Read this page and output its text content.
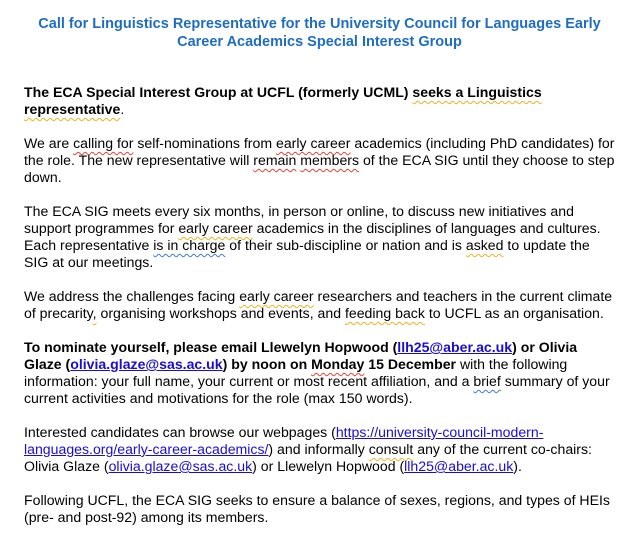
Call for Linguistics Representative for the University Council for Languages Early
Career Academics Special Interest Group

The ECA Special Interest Group at UCFL (formerly UCML) seeks a Linguistics representative.

We are calling for self-nominations from early career academics (including PhD candidates) for the role. The new representative will remain members of the ECA SIG until they choose to step down.

The ECA SIG meets every six months, in person or online, to discuss new initiatives and support programmes for early career academics in the disciplines of languages and cultures. Each representative is in charge of their sub-discipline or nation and is asked to update the SIG at our meetings.

We address the challenges facing early career researchers and teachers in the current climate of precarity, organising workshops and events, and feeding back to UCFL as an organisation.

To nominate yourself, please email Llewelyn Hopwood (llh25@aber.ac.uk) or Olivia Glaze (olivia.glaze@sas.ac.uk) by noon on Monday 15 December with the following information: your full name, your current or most recent affiliation, and a brief summary of your current activities and motivations for the role (max 150 words).

Interested candidates can browse our webpages (https://university-council-modern-languages.org/early-career-academics/) and informally consult any of the current co-chairs: Olivia Glaze (olivia.glaze@sas.ac.uk) or Llewelyn Hopwood (llh25@aber.ac.uk).

Following UCFL, the ECA SIG seeks to ensure a balance of sexes, regions, and types of HEIs (pre- and post-92) among its members.
